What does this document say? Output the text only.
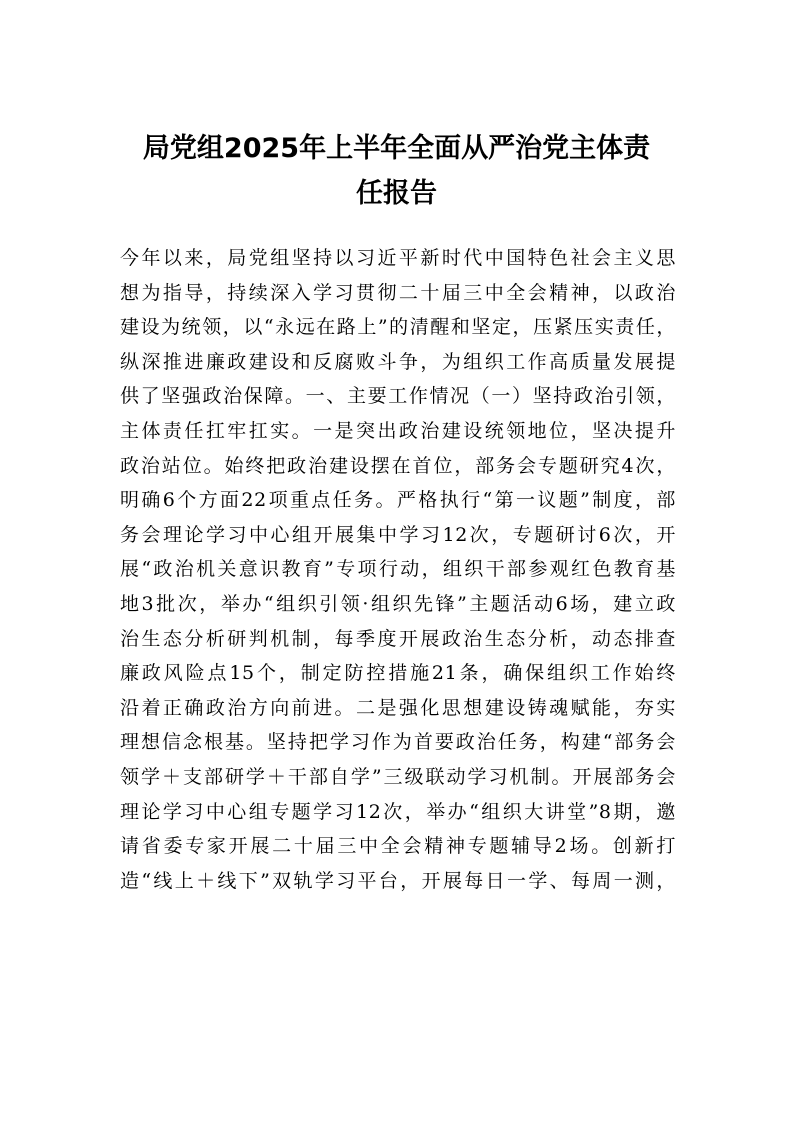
局党组2025年上半年全面从严治党主体责
任报告
今年以来，局党组坚持以习近平新时代中国特色社会主义思
想为指导，持续深入学习贯彻二十届三中全会精神，以政治
建设为统领，以“永远在路上”的清醒和坚定，压紧压实责任，
纵深推进廉政建设和反腐败斗争，为组织工作高质量发展提
供了坚强政治保障。一、主要工作情况（一）坚持政治引领，
主体责任扛牢扛实。一是突出政治建设统领地位，坚决提升
政治站位。始终把政治建设摆在首位，部务会专题研究4次，
明确6个方面22项重点任务。严格执行“第一议题”制度，部
务会理论学习中心组开展集中学习12次，专题研讨6次，开
展“政治机关意识教育”专项行动，组织干部参观红色教育基
地3批次，举办“组织引领·组织先锋”主题活动6场，建立政
治生态分析研判机制，每季度开展政治生态分析，动态排查
廉政风险点15个，制定防控措施21条，确保组织工作始终
沿着正确政治方向前进。二是强化思想建设铸魂赋能，夯实
理想信念根基。坚持把学习作为首要政治任务，构建“部务会
领学＋支部研学＋干部自学”三级联动学习机制。开展部务会
理论学习中心组专题学习12次，举办“组织大讲堂”8期，邀
请省委专家开展二十届三中全会精神专题辅导2场。创新打
造“线上＋线下”双轨学习平台，开展每日一学、每周一测，
